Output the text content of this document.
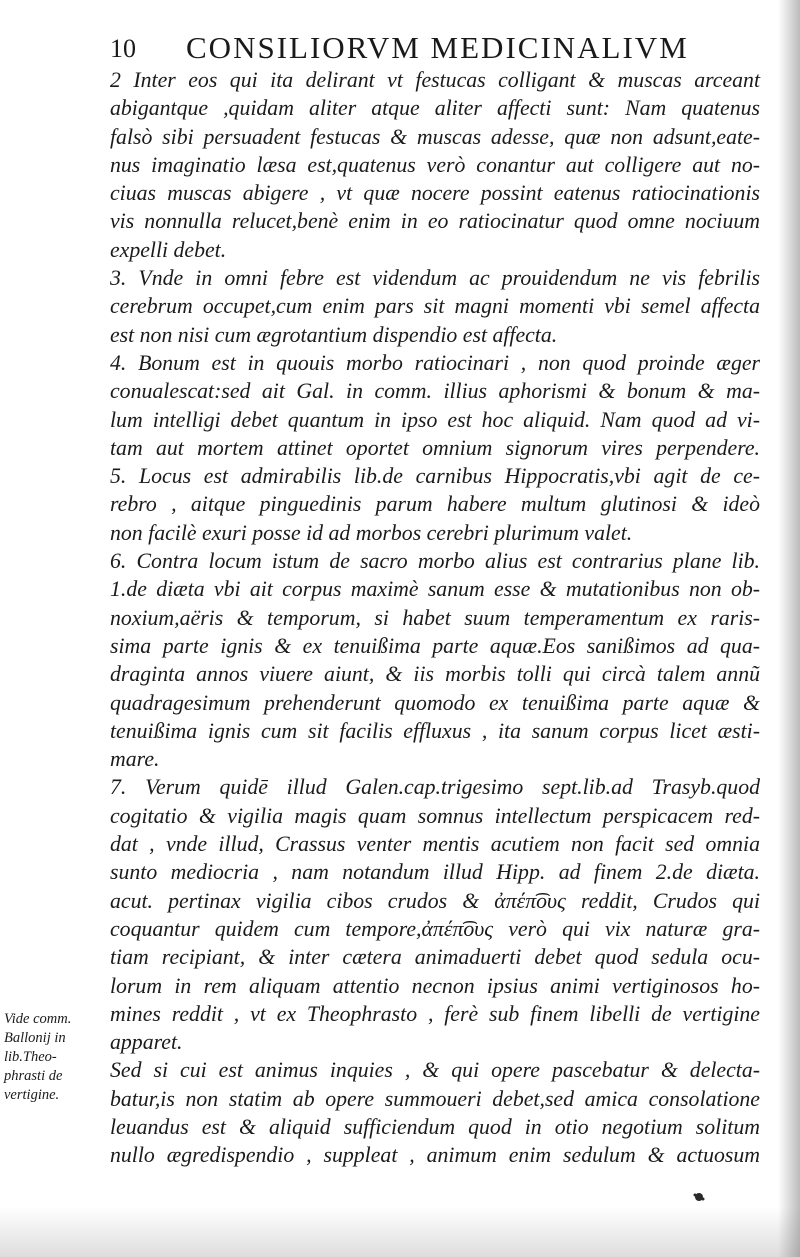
10 CONSILIORVM MEDICINALIVM
2 Inter eos qui ita delirant vt festucas colligant & muscas arceant
abigantque ,quidam aliter atque aliter affecti sunt: Nam quatenus
falsò sibi persuadent festucas & muscas adesse, quæ non adsunt,eate-
nus imaginatio læsa est,quatenus verò conantur aut colligere aut no-
ciuas muscas abigere , vt quæ nocere possint eatenus ratiocinationis
vis nonnulla relucet,benè enim in eo ratiocinatur quod omne nociuum
expelli debet.
3. Vnde in omni febre est videndum ac prouidendum ne vis febrilis
cerebrum occupet,cum enim pars sit magni momenti vbi semel affecta
est non nisi cum ægrotantium dispendio est affecta.
4. Bonum est in quouis morbo ratiocinari , non quod proinde æger
conualescat:sed ait Gal. in comm. illius aphorismi & bonum & ma-
lum intelligi debet quantum in ipso est hoc aliquid. Nam quod ad vi-
tam aut mortem attinet oportet omnium signorum vires perpendere.
5. Locus est admirabilis lib.de carnibus Hippocratis,vbi agit de ce-
rebro , aitque pinguedinis parum habere multum glutinosi & ideò
non facilè exuri posse id ad morbos cerebri plurimum valet.
6. Contra locum istum de sacro morbo alius est contrarius plane lib.
1.de diæta vbi ait corpus maximè sanum esse & mutationibus non ob-
noxium,aëris & temporum, si habet suum temperamentum ex raris-
sima parte ignis & ex tenuißima parte aquæ.Eos sanißimos ad qua-
draginta annos viuere aiunt, & iis morbis tolli qui circà talem annũ
quadragesimum prehenderunt quomodo ex tenuißima parte aquæ &
tenuißima ignis cum sit facilis effluxus , ita sanum corpus licet æsti-
mare.
7. Verum quidē illud Galen.cap.trigesimo sept.lib.ad Trasyb.quod
cogitatio & vigilia magis quam somnus intellectum perspicacem red-
dat , vnde illud, Crassus venter mentis acutiem non facit sed omnia
sunto mediocria , nam notandum illud Hipp. ad finem 2.de diæta.
acut. pertinax vigilia cibos crudos & ἀπέπ͡ους reddit, Crudos qui
coquantur quidem cum tempore,ἀπέπ͡ους verò qui vix naturæ gra-
tiam recipiant, & inter cætera animaduerti debet quod sedula ocu-
lorum in rem aliquam attentio necnon ipsius animi vertiginosos ho-
mines reddit , vt ex Theophrasto , ferè sub finem libelli de vertigine
apparet.
Sed si cui est animus inquies , & qui opere pascebatur & delecta-
batur,is non statim ab opere summoueri debet,sed amica consolatione
leuandus est & aliquid sufficiendum quod in otio negotium solitum
nullo ægredispendio , suppleat , animum enim sedulum & actuosum
Vide comm.
Ballonij in
lib.Theo-
phrasti de
vertigine.
